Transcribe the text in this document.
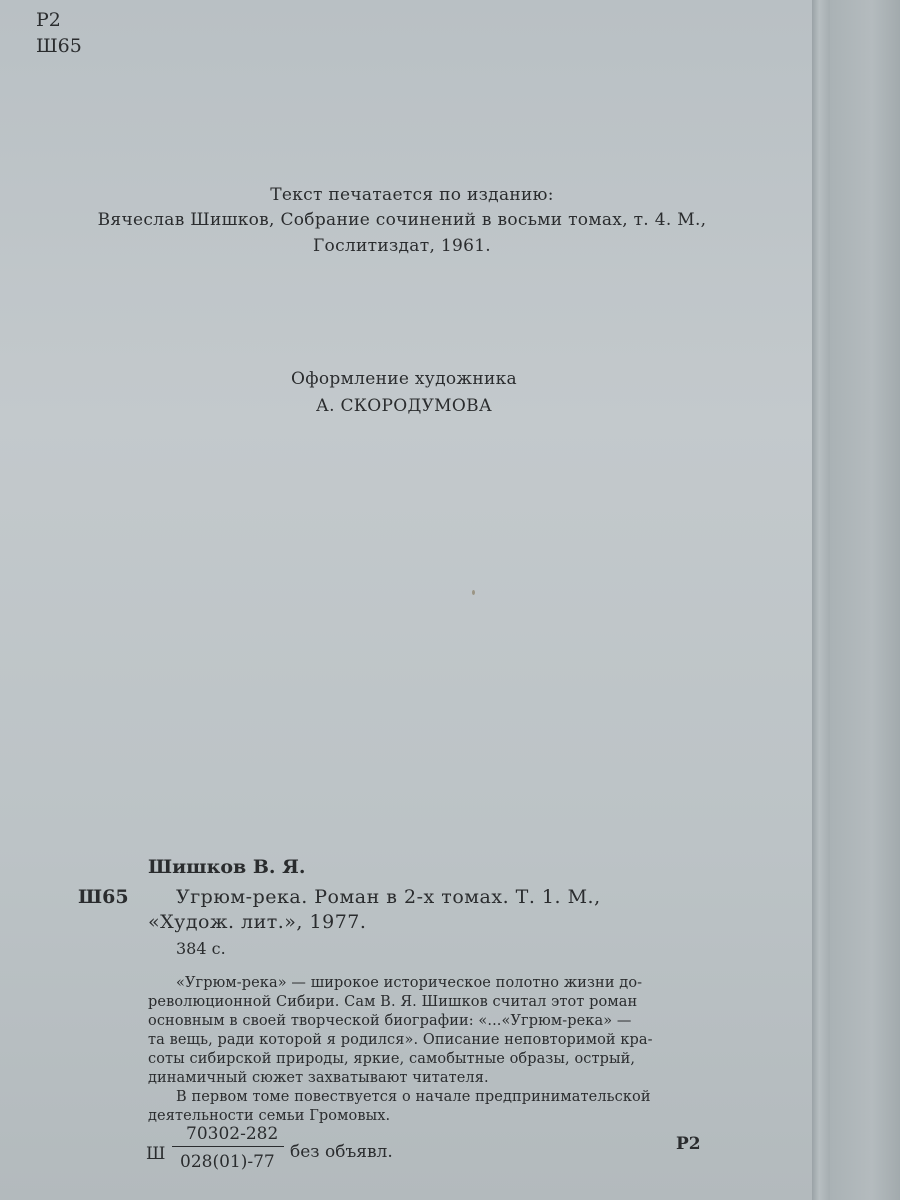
Р2
Ш65
Текст печатается по изданию:
Вячеслав Шишков, Собрание сочинений в восьми томах, т. 4. М.,
Гослитиздат, 1961.
Оформление художника
А. СКОРОДУМОВА
Шишков В. Я.
Ш65 Угрюм-река. Роман в 2-х томах. Т. 1. М.,
«Худож. лит.», 1977.
384 с.
«Угрюм-река» — широкое историческое полотно жизни до-
революционной Сибири. Сам В. Я. Шишков считал этот роман
основным в своей творческой биографии: «...«Угрюм-река» —
та вещь, ради которой я родился». Описание неповторимой кра-
соты сибирской природы, яркие, самобытные образы, острый,
динамичный сюжет захватывают читателя.
В первом томе повествуется о начале предпринимательской
деятельности семьи Громовых.
Ш
70302-282
028(01)-77 без объявл.	Р2
